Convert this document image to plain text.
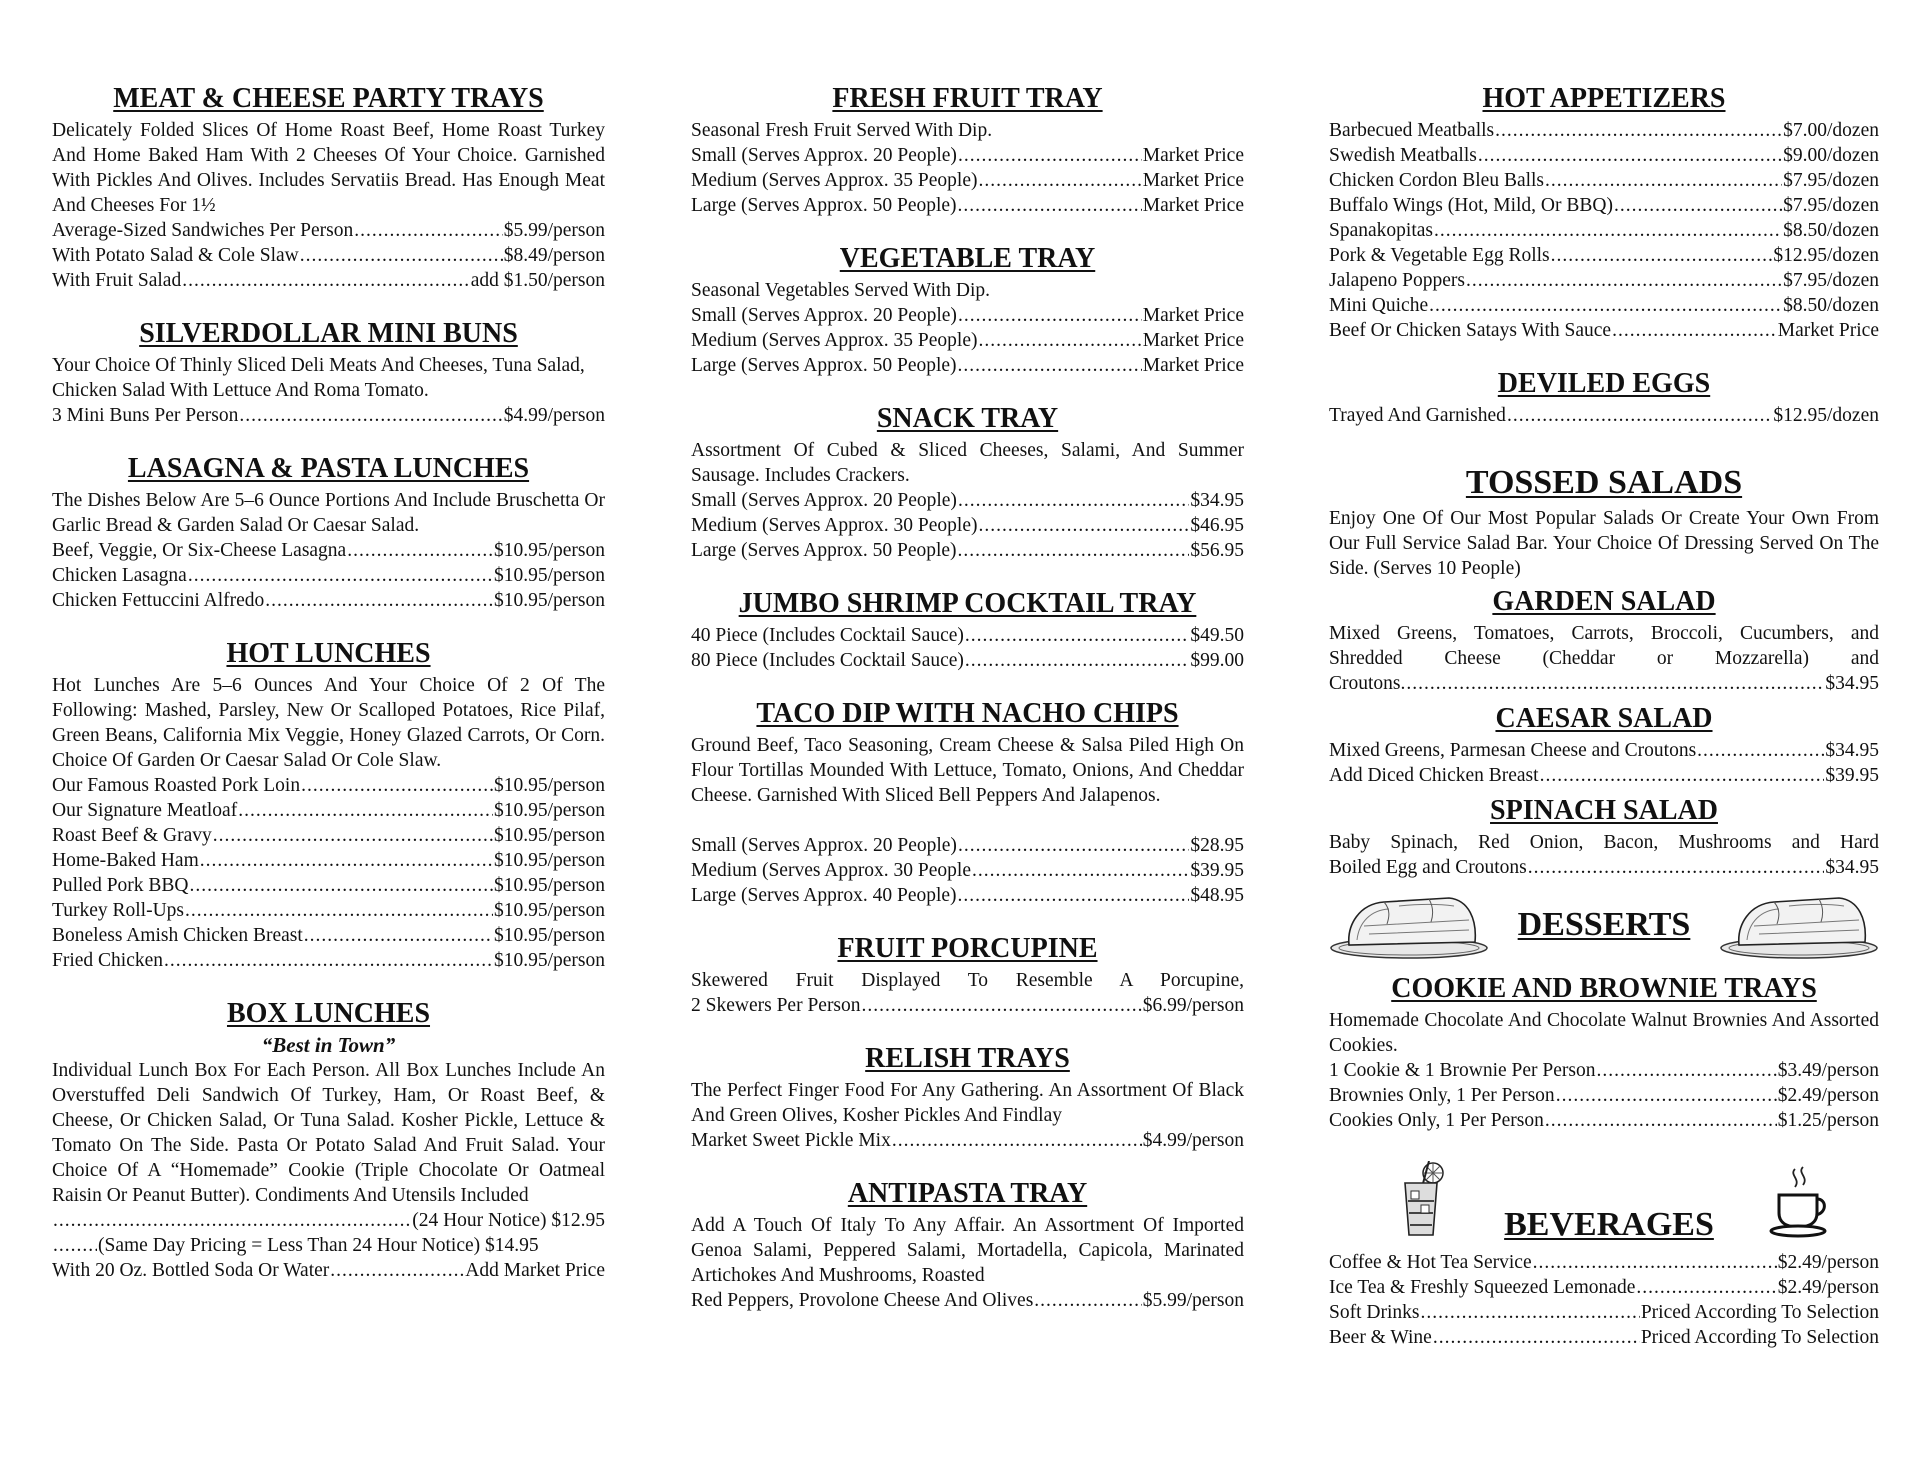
MEAT & CHEESE PARTY TRAYS

Delicately Folded Slices Of Home Roast Beef, Home Roast Turkey And Home Baked Ham With 2 Cheeses Of Your Choice. Garnished With Pickles And Olives. Includes Servatiis Bread. Has Enough Meat And Cheeses For 1½

Average-Sized Sandwiches Per Person .....	$5.99/person
With Potato Salad & Cole Slaw .....	$8.49/person
With Fruit Salad .....	add $1.50/person
SILVERDOLLAR MINI BUNS

Your Choice Of Thinly Sliced Deli Meats And Cheeses, Tuna Salad, Chicken Salad With Lettuce And Roma Tomato.

3 Mini Buns Per Person .....	$4.99/person
LASAGNA & PASTA LUNCHES

The Dishes Below Are 5–6 Ounce Portions And Include Bruschetta Or Garlic Bread & Garden Salad Or Caesar Salad.

Beef, Veggie, Or Six-Cheese Lasagna .....	$10.95/person
Chicken Lasagna .....	$10.95/person
Chicken Fettuccini Alfredo .....	$10.95/person
HOT LUNCHES

Hot Lunches Are 5–6 Ounces And Your Choice Of 2 Of The Following: Mashed, Parsley, New Or Scalloped Potatoes, Rice Pilaf, Green Beans, California Mix Veggie, Honey Glazed Carrots, Or Corn. Choice Of Garden Or Caesar Salad Or Cole Slaw.

Our Famous Roasted Pork Loin .....	$10.95/person
Our Signature Meatloaf .....	$10.95/person
Roast Beef & Gravy .....	$10.95/person
Home-Baked Ham .....	$10.95/person
Pulled Pork BBQ .....	$10.95/person
Turkey Roll-Ups .....	$10.95/person
Boneless Amish Chicken Breast .....	$10.95/person
Fried Chicken .....	$10.95/person
BOX LUNCHES
“Best in Town”

Individual Lunch Box For Each Person. All Box Lunches Include An Overstuffed Deli Sandwich Of Turkey, Ham, Or Roast Beef, & Cheese, Or Chicken Salad, Or Tuna Salad. Kosher Pickle, Lettuce & Tomato On The Side. Pasta Or Potato Salad And Fruit Salad. Your Choice Of A “Homemade” Cookie (Triple Chocolate Or Oatmeal Raisin Or Peanut Butter). Condiments And Utensils Included

.....
(24 Hour Notice) $12.95
.....
(Same Day Pricing = Less Than 24 Hour Notice) $14.95
With 20 Oz. Bottled Soda Or Water .....	Add Market Price
FRESH FRUIT TRAY

Seasonal Fresh Fruit Served With Dip.

Small (Serves Approx. 20 People) .....	Market Price
Medium (Serves Approx. 35 People) .....	Market Price
Large (Serves Approx. 50 People) .....	Market Price
VEGETABLE TRAY

Seasonal Vegetables Served With Dip.

Small (Serves Approx. 20 People) .....	Market Price
Medium (Serves Approx. 35 People) .....	Market Price
Large (Serves Approx. 50 People) .....	Market Price
SNACK TRAY

Assortment Of Cubed & Sliced Cheeses, Salami, And Summer Sausage. Includes Crackers.

Small (Serves Approx. 20 People) .....	$34.95
Medium (Serves Approx. 30 People) .....	$46.95
Large (Serves Approx. 50 People) .....	$56.95
JUMBO SHRIMP COCKTAIL TRAY
40 Piece (Includes Cocktail Sauce) .....	$49.50
80 Piece (Includes Cocktail Sauce) .....	$99.00
TACO DIP WITH NACHO CHIPS

Ground Beef, Taco Seasoning, Cream Cheese & Salsa Piled High On Flour Tortillas Mounded With Lettuce, Tomato, Onions, And Cheddar Cheese. Garnished With Sliced Bell Peppers And Jalapenos.

Small (Serves Approx. 20 People) .....	$28.95
Medium (Serves Approx. 30 People .....	$39.95
Large (Serves Approx. 40 People) .....	$48.95
FRUIT PORCUPINE

Skewered Fruit Displayed To Resemble A Porcupine,

2 Skewers Per Person .....	$6.99/person
RELISH TRAYS

The Perfect Finger Food For Any Gathering. An Assortment Of Black And Green Olives, Kosher Pickles And Findlay

Market Sweet Pickle Mix .....	$4.99/person
ANTIPASTA TRAY

Add A Touch Of Italy To Any Affair. An Assortment Of Imported Genoa Salami, Peppered Salami, Mortadella, Capicola, Marinated Artichokes And Mushrooms, Roasted

Red Peppers, Provolone Cheese And Olives .....	$5.99/person
HOT APPETIZERS
Barbecued Meatballs .....	$7.00/dozen
Swedish Meatballs .....	$9.00/dozen
Chicken Cordon Bleu Balls .....	$7.95/dozen
Buffalo Wings (Hot, Mild, Or BBQ) .....	$7.95/dozen
Spanakopitas .....	$8.50/dozen
Pork & Vegetable Egg Rolls .....	$12.95/dozen
Jalapeno Poppers .....	$7.95/dozen
Mini Quiche .....	$8.50/dozen
Beef Or Chicken Satays With Sauce .....	Market Price
DEVILED EGGS
Trayed And Garnished .....	$12.95/dozen
TOSSED SALADS

Enjoy One Of Our Most Popular Salads Or Create Your Own From Our Full Service Salad Bar. Your Choice Of Dressing Served On The Side. (Serves 10 People)

GARDEN SALAD

Mixed Greens, Tomatoes, Carrots, Broccoli, Cucumbers, and Shredded Cheese (Cheddar or Mozzarella) and

Croutons. .....	$34.95
CAESAR SALAD
Mixed Greens, Parmesan Cheese and Croutons .....	$34.95
Add Diced Chicken Breast .....	$39.95
SPINACH SALAD

Baby Spinach, Red Onion, Bacon, Mushrooms and Hard

Boiled Egg and Croutons .....	$34.95
DESSERTS
COOKIE AND BROWNIE TRAYS

Homemade Chocolate And Chocolate Walnut Brownies And Assorted Cookies.

1 Cookie & 1 Brownie Per Person .....	$3.49/person
Brownies Only, 1 Per Person .....	$2.49/person
Cookies Only, 1 Per Person .....	$1.25/person
BEVERAGES
Coffee & Hot Tea Service .....	$2.49/person
Ice Tea & Freshly Squeezed Lemonade .....	$2.49/person
Soft Drinks .....	Priced According To Selection
Beer & Wine .....	Priced According To Selection
